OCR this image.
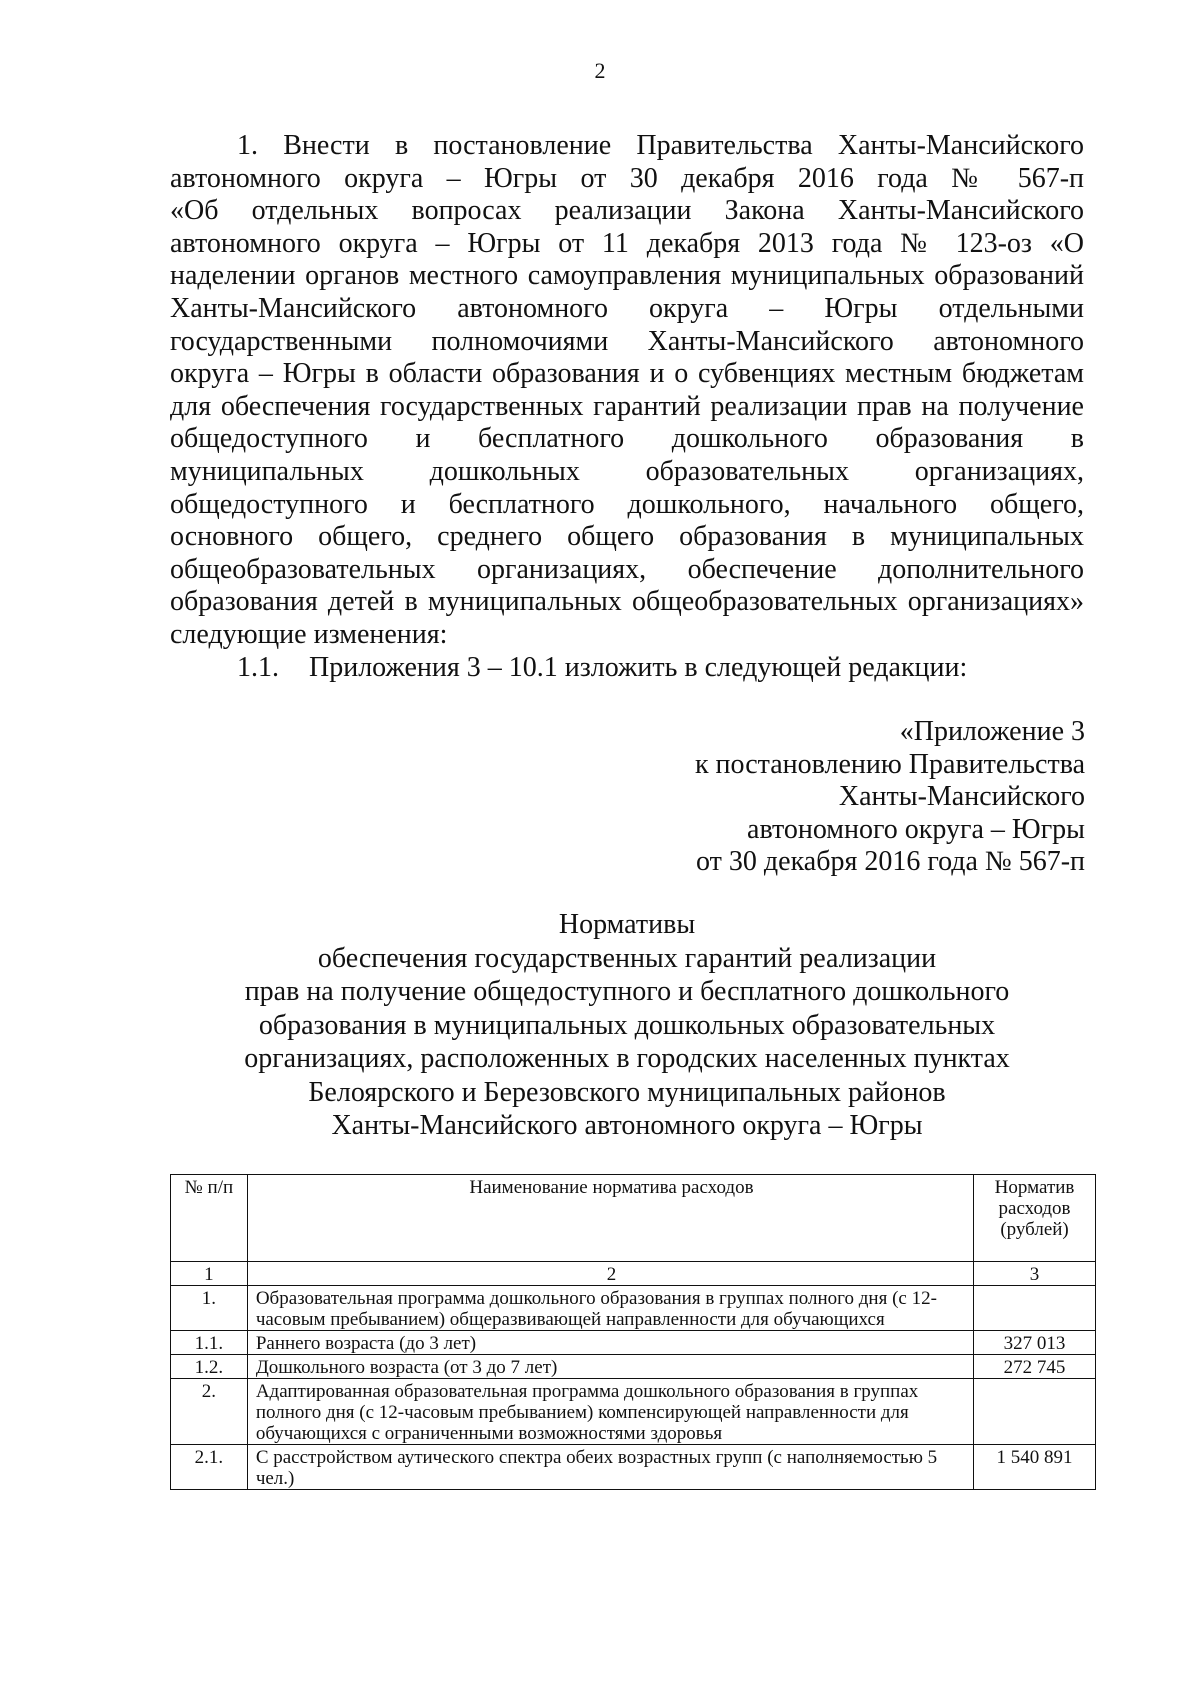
2

1. Внести в постановление Правительства Ханты-Мансийского

автономного округа – Югры от 30 декабря 2016 года № 567-п

«Об отдельных вопросах реализации Закона Ханты-Мансийского

автономного округа – Югры от 11 декабря 2013 года № 123-оз «О

наделении органов местного самоуправления муниципальных образований

Ханты-Мансийского автономного округа – Югры отдельными

государственными полномочиями Ханты-Мансийского автономного

округа – Югры в области образования и о субвенциях местным бюджетам

для обеспечения государственных гарантий реализации прав на получение

общедоступного и бесплатного дошкольного образования в

муниципальных дошкольных образовательных организациях,

общедоступного и бесплатного дошкольного, начального общего,

основного общего, среднего общего образования в муниципальных

общеобразовательных организациях, обеспечение дополнительного

образования детей в муниципальных общеобразовательных организациях»

следующие изменения:

1.1. Приложения 3 – 10.1 изложить в следующей редакции:

«Приложение 3
к постановлению Правительства
Ханты-Мансийского
автономного округа – Югры
от 30 декабря 2016 года № 567-п
Нормативы
обеспечения государственных гарантий реализации
прав на получение общедоступного и бесплатного дошкольного
образования в муниципальных дошкольных образовательных
организациях, расположенных в городских населенных пунктах
Белоярского и Березовского муниципальных районов
Ханты-Мансийского автономного округа – Югры
№ п/п	Наименование норматива расходов	Норматив расходов (рублей)
1	2	3
1.	Образовательная программа дошкольного образования в группах полного дня (с 12-часовым пребыванием) общеразвивающей направленности для обучающихся	
1.1.	Раннего возраста (до 3 лет)	327 013
1.2.	Дошкольного возраста (от 3 до 7 лет)	272 745
2.	Адаптированная образовательная программа дошкольного образования в группах полного дня (с 12-часовым пребыванием) компенсирующей направленности для обучающихся с ограниченными возможностями здоровья	
2.1.	С расстройством аутического спектра обеих возрастных групп (с наполняемостью 5 чел.)	1 540 891
